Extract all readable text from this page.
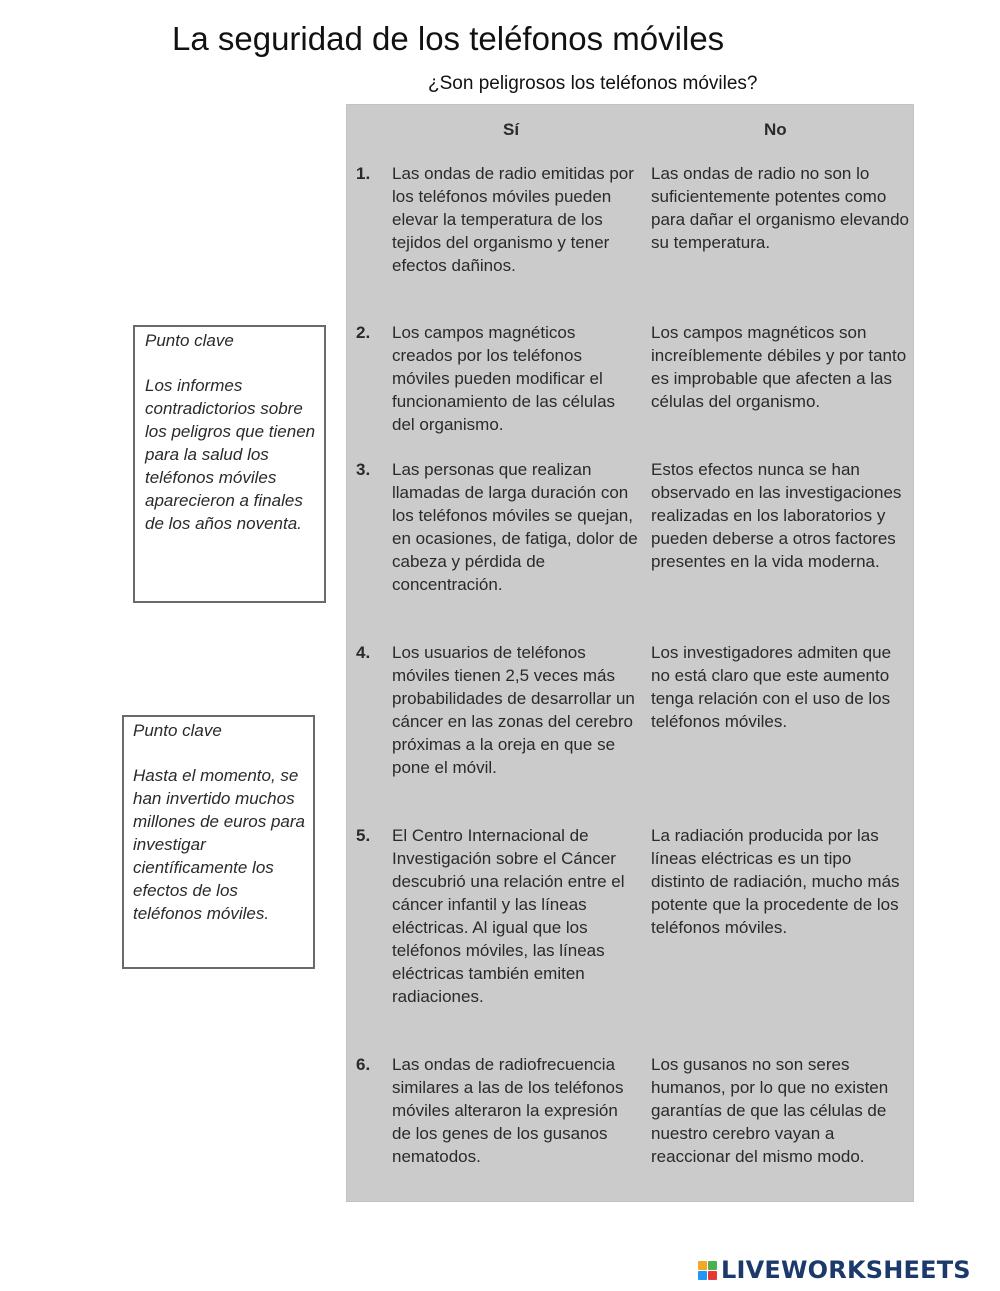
La seguridad de los teléfonos móviles
¿Son peligrosos los teléfonos móviles?
Sí	No
1. Las ondas de radio emitidas por los teléfonos móviles pueden elevar la temperatura de los tejidos del organismo y tener efectos dañinos.
Las ondas de radio no son lo suficientemente potentes como para dañar el organismo elevando su temperatura.
2. Los campos magnéticos creados por los teléfonos móviles pueden modificar el funcionamiento de las células del organismo.
Los campos magnéticos son increíblemente débiles y por tanto es improbable que afecten a las células del organismo.
3. Las personas que realizan llamadas de larga duración con los teléfonos móviles se quejan, en ocasiones, de fatiga, dolor de cabeza y pérdida de concentración.
Estos efectos nunca se han observado en las investigaciones realizadas en los laboratorios y pueden deberse a otros factores presentes en la vida moderna.
4. Los usuarios de teléfonos móviles tienen 2,5 veces más probabilidades de desarrollar un cáncer en las zonas del cerebro próximas a la oreja en que se pone el móvil.
Los investigadores admiten que no está claro que este aumento tenga relación con el uso de los teléfonos móviles.
5. El Centro Internacional de Investigación sobre el Cáncer descubrió una relación entre el cáncer infantil y las líneas eléctricas. Al igual que los teléfonos móviles, las líneas eléctricas también emiten radiaciones.
La radiación producida por las líneas eléctricas es un tipo distinto de radiación, mucho más potente que la procedente de los teléfonos móviles.
6. Las ondas de radiofrecuencia similares a las de los teléfonos móviles alteraron la expresión de los genes de los gusanos nematodos.
Los gusanos no son seres humanos, por lo que no existen garantías de que las células de nuestro cerebro vayan a reaccionar del mismo modo.
Punto clave
Los informes contradictorios sobre los peligros que tienen para la salud los teléfonos móviles aparecieron a finales de los años noventa.
Punto clave
Hasta el momento, se han invertido muchos millones de euros para investigar científicamente los efectos de los teléfonos móviles.
LIVEWORKSHEETS
